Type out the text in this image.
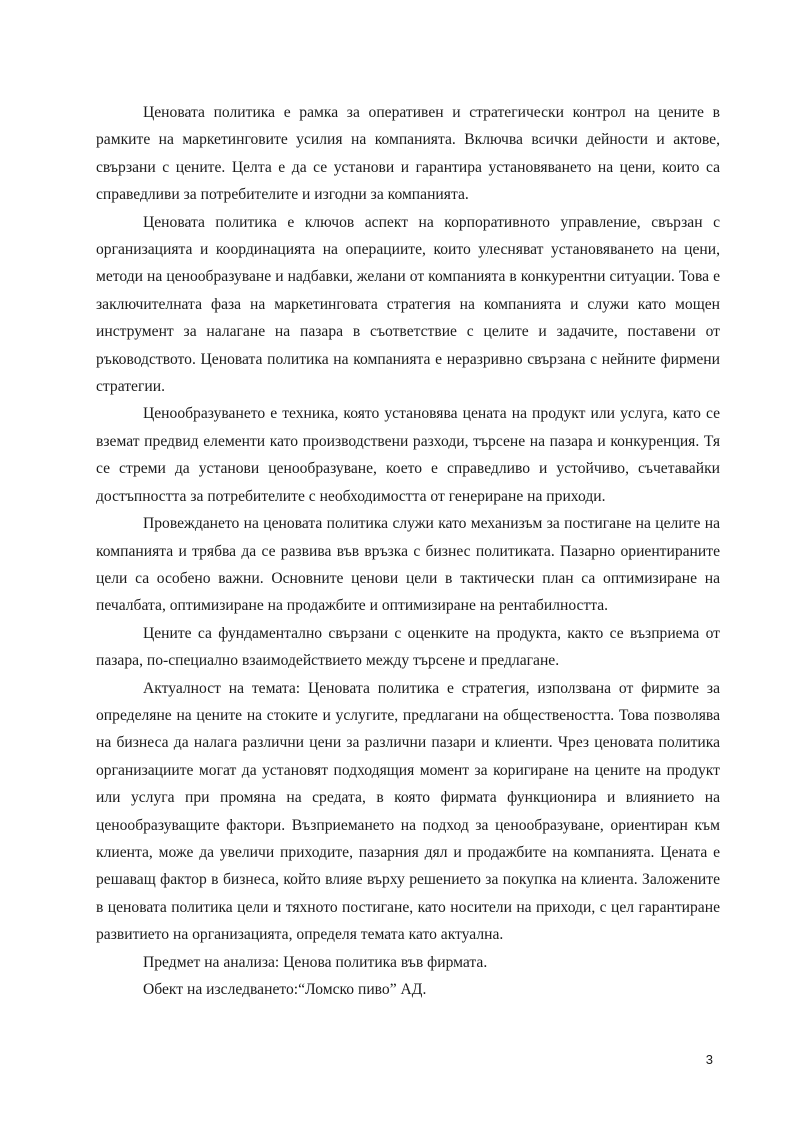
Ценовата политика е рамка за оперативен и стратегически контрол на цените в рамките на маркетинговите усилия на компанията. Включва всички дейности и актове, свързани с цените. Целта е да се установи и гарантира установяването на цени, които са справедливи за потребителите и изгодни за компанията.

Ценовата политика е ключов аспект на корпоративното управление, свързан с организацията и координацията на операциите, които улесняват установяването на цени, методи на ценообразуване и надбавки, желани от компанията в конкурентни ситуации. Това е заключителната фаза на маркетинговата стратегия на компанията и служи като мощен инструмент за налагане на пазара в съответствие с целите и задачите, поставени от ръководството. Ценовата политика на компанията е неразривно свързана с нейните фирмени стратегии.

Ценообразуването е техника, която установява цената на продукт или услуга, като се вземат предвид елементи като производствени разходи, търсене на пазара и конкуренция. Тя се стреми да установи ценообразуване, което е справедливо и устойчиво, съчетавайки достъпността за потребителите с необходимостта от генериране на приходи.

Провеждането на ценовата политика служи като механизъм за постигане на целите на компанията и трябва да се развива във връзка с бизнес политиката. Пазарно ориентираните цели са особено важни. Основните ценови цели в тактически план са оптимизиране на печалбата, оптимизиране на продажбите и оптимизиране на рентабилността.

Цените са фундаментално свързани с оценките на продукта, както се възприема от пазара, по-специално взаимодействието между търсене и предлагане.

Актуалност на темата: Ценовата политика е стратегия, използвана от фирмите за определяне на цените на стоките и услугите, предлагани на обществеността. Това позволява на бизнеса да налага различни цени за различни пазари и клиенти. Чрез ценовата политика организациите могат да установят подходящия момент за коригиране на цените на продукт или услуга при промяна на средата, в която фирмата функционира и влиянието на ценообразуващите фактори. Възприемането на подход за ценообразуване, ориентиран към клиента, може да увеличи приходите, пазарния дял и продажбите на компанията. Цената е решаващ фактор в бизнеса, който влияе върху решението за покупка на клиента. Заложените в ценовата политика цели и тяхното постигане, като носители на приходи, с цел гарантиране развитието на организацията, определя темата като актуална.

Предмет на анализа: Ценова политика във фирмата.

Обект на изследването:“Ломско пиво” АД.

3
